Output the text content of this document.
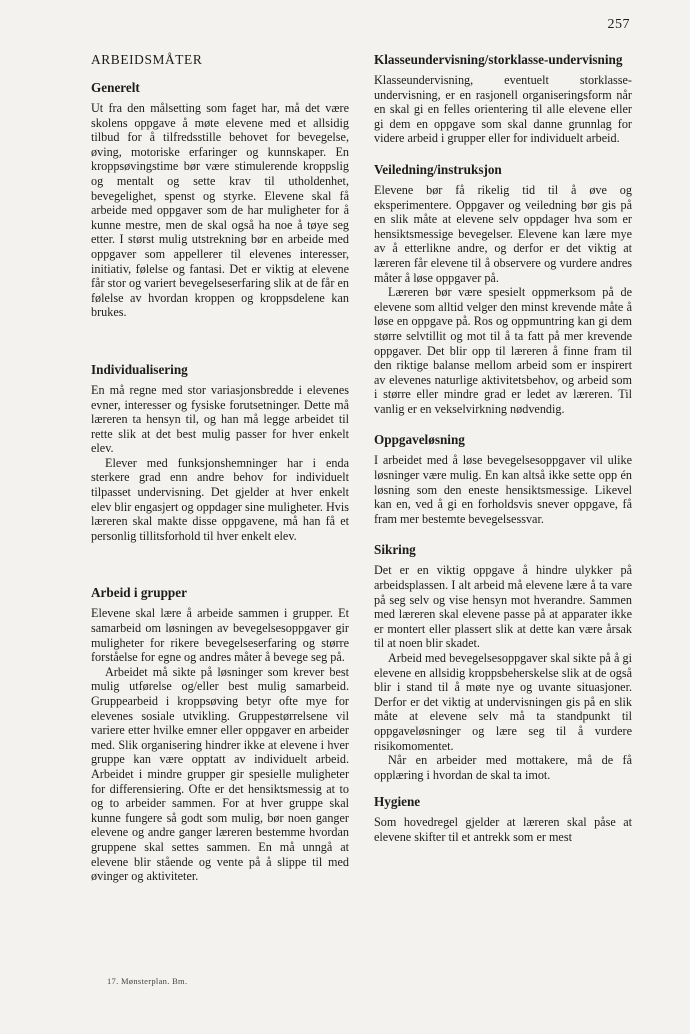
257
ARBEIDSMÅTER
Generelt

Ut fra den målsetting som faget har, må det være skolens oppgave å møte elevene med et allsidig tilbud for å tilfredsstille behovet for bevegelse, øving, motoriske erfaringer og kunnskaper. En kroppsøvingstime bør være stimulerende kroppslig og mentalt og sette krav til utholdenhet, bevegelighet, spenst og styrke. Elevene skal få arbeide med oppgaver som de har muligheter for å kunne mestre, men de skal også ha noe å tøye seg etter. I størst mulig utstrekning bør en arbeide med oppgaver som appellerer til elevenes interesser, initiativ, følelse og fantasi. Det er viktig at elevene får stor og variert bevegelseserfaring slik at de får en følelse av hvordan kroppen og kroppsdelene kan brukes.

Individualisering

En må regne med stor variasjonsbredde i elevenes evner, interesser og fysiske forutsetninger. Dette må læreren ta hensyn til, og han må legge arbeidet til rette slik at det best mulig passer for hver enkelt elev.

Elever med funksjonshemninger har i enda sterkere grad enn andre behov for individuelt tilpasset undervisning. Det gjelder at hver enkelt elev blir engasjert og oppdager sine muligheter. Hvis læreren skal makte disse oppgavene, må han få et personlig tillitsforhold til hver enkelt elev.

Arbeid i grupper

Elevene skal lære å arbeide sammen i grupper. Et samarbeid om løsningen av bevegelsesoppgaver gir muligheter for rikere bevegelseserfaring og større forståelse for egne og andres måter å bevege seg på.

Arbeidet må sikte på løsninger som krever best mulig utførelse og/eller best mulig samarbeid. Gruppearbeid i kroppsøving betyr ofte mye for elevenes sosiale utvikling. Gruppestørrelsene vil variere etter hvilke emner eller oppgaver en arbeider med. Slik organisering hindrer ikke at elevene i hver gruppe kan være opptatt av individuelt arbeid. Arbeidet i mindre grupper gir spesielle muligheter for differensiering. Ofte er det hensiktsmessig at to og to arbeider sammen. For at hver gruppe skal kunne fungere så godt som mulig, bør noen ganger elevene og andre ganger læreren bestemme hvordan gruppene skal settes sammen. En må unngå at elevene blir stående og vente på å slippe til med øvinger og aktiviteter.

Klasseundervisning/storklasse-undervisning

Klasseundervisning, eventuelt storklasse-undervisning, er en rasjonell organiseringsform når en skal gi en felles orientering til alle elevene eller gi dem en oppgave som skal danne grunnlag for videre arbeid i grupper eller for individuelt arbeid.

Veiledning/instruksjon

Elevene bør få rikelig tid til å øve og eksperimentere. Oppgaver og veiledning bør gis på en slik måte at elevene selv oppdager hva som er hensiktsmessige bevegelser. Elevene kan lære mye av å etterlikne andre, og derfor er det viktig at læreren får elevene til å observere og vurdere andres måter å løse oppgaver på.

Læreren bør være spesielt oppmerksom på de elevene som alltid velger den minst krevende måte å løse en oppgave på. Ros og oppmuntring kan gi dem større selvtillit og mot til å ta fatt på mer krevende oppgaver. Det blir opp til læreren å finne fram til den riktige balanse mellom arbeid som er inspirert av elevenes naturlige aktivitetsbehov, og arbeid som i større eller mindre grad er ledet av læreren. Til vanlig er en vekselvirkning nødvendig.

Oppgaveløsning

I arbeidet med å løse bevegelsesoppgaver vil ulike løsninger være mulig. En kan altså ikke sette opp én løsning som den eneste hensiktsmessige. Likevel kan en, ved å gi en forholdsvis snever oppgave, få fram mer bestemte bevegelsessvar.

Sikring

Det er en viktig oppgave å hindre ulykker på arbeidsplassen. I alt arbeid må elevene lære å ta vare på seg selv og vise hensyn mot hverandre. Sammen med læreren skal elevene passe på at apparater ikke er montert eller plassert slik at dette kan være årsak til at noen blir skadet.

Arbeid med bevegelsesoppgaver skal sikte på å gi elevene en allsidig kroppsbeherskelse slik at de også blir i stand til å møte nye og uvante situasjoner. Derfor er det viktig at undervisningen gis på en slik måte at elevene selv må ta standpunkt til oppgaveløsninger og lære seg til å vurdere risikomomentet.

Når en arbeider med mottakere, må de få opplæring i hvordan de skal ta imot.

Hygiene

Som hovedregel gjelder at læreren skal påse at elevene skifter til et antrekk som er mest

17. Mønsterplan. Bm.
